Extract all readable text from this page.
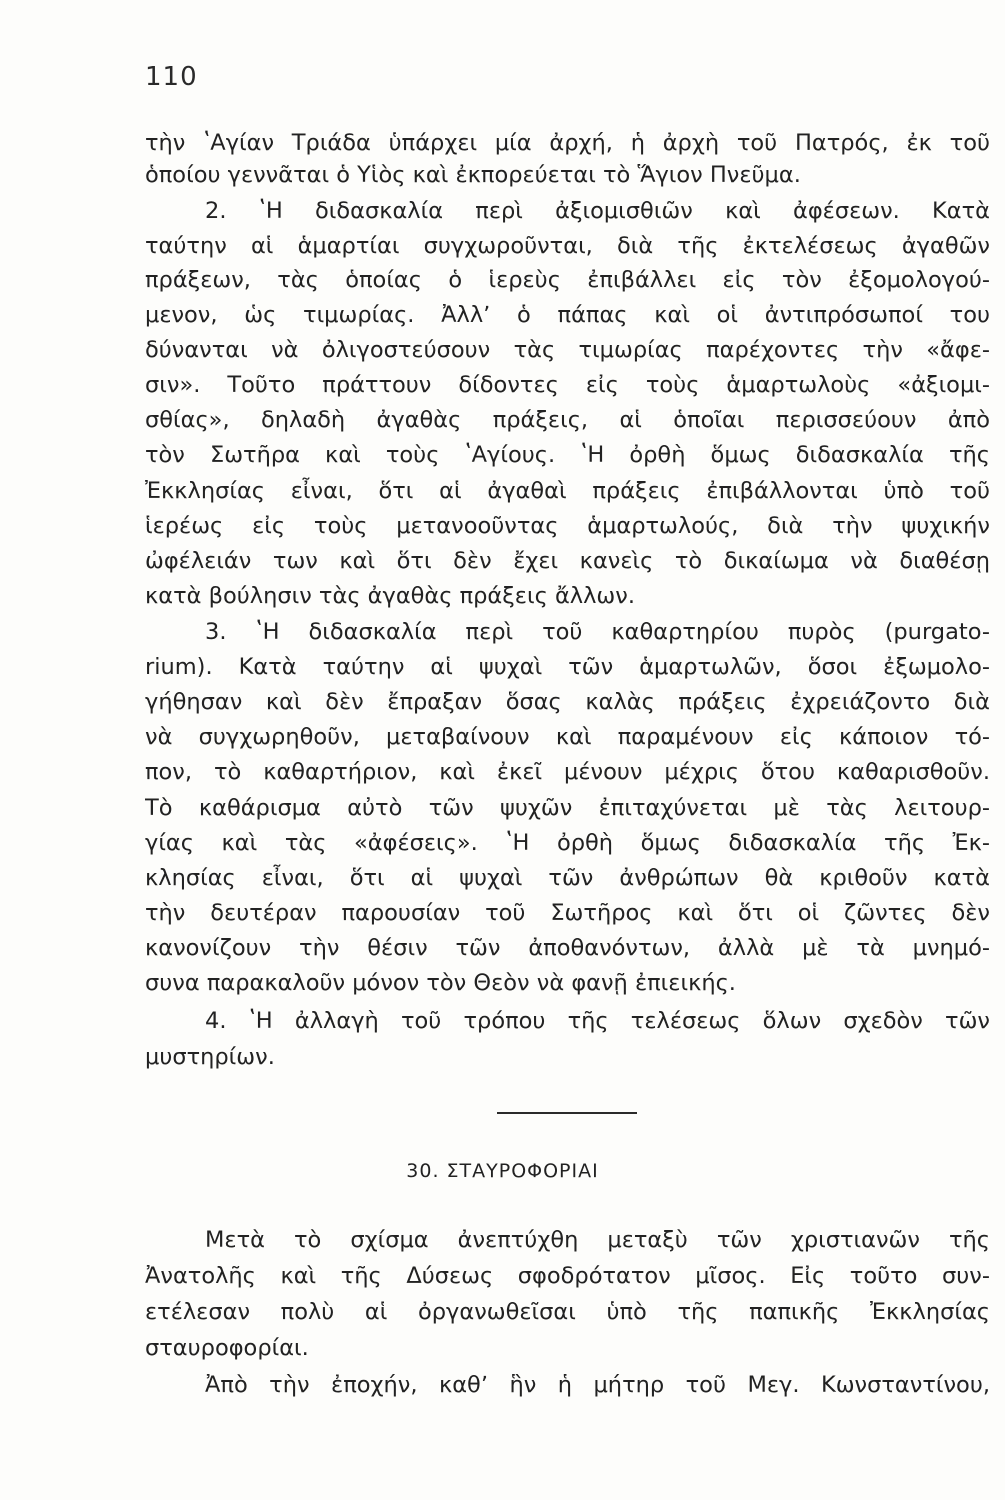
110
τὴν ʽΑγίαν Τριάδα ὑπάρχει μία ἀρχή, ἡ ἀρχὴ τοῦ Πατρός, ἐκ τοῦ
ὁποίου γεννᾶται ὁ Υἱὸς καὶ ἐκπορεύεται τὸ Ἅγιον Πνεῦμα.
2. ʽΗ διδασκαλία περὶ ἀξιομισθιῶν καὶ ἀφέσεων. Κατὰ
ταύτην αἱ ἁμαρτίαι συγχωροῦνται, διὰ τῆς ἐκτελέσεως ἀγαθῶν
πράξεων, τὰς ὁποίας ὁ ἱερεὺς ἐπιβάλλει εἰς τὸν ἐξομολογού-
μενον, ὡς τιμωρίας. Ἀλλʼ ὁ πάπας καὶ οἱ ἀντιπρόσωποί του
δύνανται νὰ ὀλιγοστεύσουν τὰς τιμωρίας παρέχοντες τὴν «ἄφε-
σιν». Τοῦτο πράττουν δίδοντες εἰς τοὺς ἁμαρτωλοὺς «ἀξιομι-
σθίας», δηλαδὴ ἀγαθὰς πράξεις, αἱ ὁποῖαι περισσεύουν ἀπὸ
τὸν Σωτῆρα καὶ τοὺς ʽΑγίους. ʽΗ ὀρθὴ ὅμως διδασκαλία τῆς
Ἐκκλησίας εἶναι, ὅτι αἱ ἀγαθαὶ πράξεις ἐπιβάλλονται ὑπὸ τοῦ
ἱερέως εἰς τοὺς μετανοοῦντας ἁμαρτωλούς, διὰ τὴν ψυχικήν
ὠφέλειάν των καὶ ὅτι δὲν ἔχει κανεὶς τὸ δικαίωμα νὰ διαθέσῃ
κατὰ βούλησιν τὰς ἀγαθὰς πράξεις ἄλλων.
3. ʽΗ διδασκαλία περὶ τοῦ καθαρτηρίου πυρὸς (purgato-
rium). Κατὰ ταύτην αἱ ψυχαὶ τῶν ἁμαρτωλῶν, ὅσοι ἐξωμολο-
γήθησαν καὶ δὲν ἔπραξαν ὅσας καλὰς πράξεις ἐχρειάζοντο διὰ
νὰ συγχωρηθοῦν, μεταβαίνουν καὶ παραμένουν εἰς κάποιον τό-
πον, τὸ καθαρτήριον, καὶ ἐκεῖ μένουν μέχρις ὅτου καθαρισθοῦν.
Τὸ καθάρισμα αὐτὸ τῶν ψυχῶν ἐπιταχύνεται μὲ τὰς λειτουρ-
γίας καὶ τὰς «ἀφέσεις». ʽΗ ὀρθὴ ὅμως διδασκαλία τῆς Ἐκ-
κλησίας εἶναι, ὅτι αἱ ψυχαὶ τῶν ἀνθρώπων θὰ κριθοῦν κατὰ
τὴν δευτέραν παρουσίαν τοῦ Σωτῆρος καὶ ὅτι οἱ ζῶντες δὲν
κανονίζουν τὴν θέσιν τῶν ἀποθανόντων, ἀλλὰ μὲ τὰ μνημό-
συνα παρακαλοῦν μόνον τὸν Θεὸν νὰ φανῇ ἐπιεικής.
4. ʽΗ ἀλλαγὴ τοῦ τρόπου τῆς τελέσεως ὅλων σχεδὸν τῶν
μυστηρίων.
30. ΣΤΑΥΡΟΦΟΡΙΑΙ
Μετὰ τὸ σχίσμα ἀνεπτύχθη μεταξὺ τῶν χριστιανῶν τῆς
Ἀνατολῆς καὶ τῆς Δύσεως σφοδρότατον μῖσος. Εἰς τοῦτο συν-
ετέλεσαν πολὺ αἱ ὀργανωθεῖσαι ὑπὸ τῆς παπικῆς Ἐκκλησίας
σταυροφορίαι.
Ἀπὸ τὴν ἐποχήν, καθʼ ἣν ἡ μήτηρ τοῦ Μεγ. Κωνσταντίνου,
